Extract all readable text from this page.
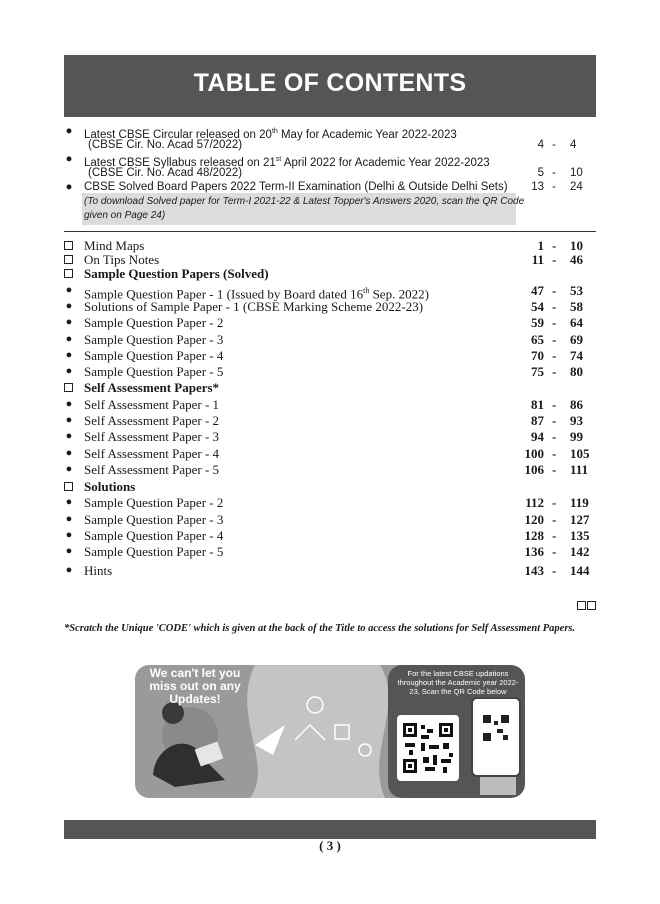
TABLE OF CONTENTS
● Latest CBSE Circular released on 20th May for Academic Year 2022-2023
(CBSE Cir. No. Acad 57/2022)	4 - 4
● Latest CBSE Syllabus released on 21st April 2022 for Academic Year 2022-2023
(CBSE Cir. No. Acad 48/2022)	5 - 10
● CBSE Solved Board Papers 2022 Term-II Examination (Delhi & Outside Delhi Sets) 13 - 24
(To download Solved paper for Term-I 2021-22 & Latest Topper's Answers 2020, scan the QR Code
given on Page 24)
Mind Maps	1 - 10
On Tips Notes	11 - 46
Sample Question Papers (Solved)
● Sample Question Paper - 1 (Issued by Board dated 16th Sep. 2022)	47 - 53
● Solutions of Sample Paper - 1 (CBSE Marking Scheme 2022-23)	54 - 58
● Sample Question Paper - 2	59 - 64
● Sample Question Paper - 3	65 - 69
● Sample Question Paper - 4	70 - 74
● Sample Question Paper - 5	75 - 80
Self Assessment Papers*
● Self Assessment Paper - 1	81 - 86
● Self Assessment Paper - 2	87 - 93
● Self Assessment Paper - 3	94 - 99
● Self Assessment Paper - 4	100 - 105
● Self Assessment Paper - 5	106 - 111
Solutions
● Sample Question Paper - 2	112 - 119
● Sample Question Paper - 3	120 - 127
● Sample Question Paper - 4	128 - 135
● Sample Question Paper - 5	136 - 142
● Hints	143 - 144
*Scratch the Unique 'CODE' which is given at the back of the Title to access the solutions for Self Assessment Papers.
We can't let you miss out on any Updates!
For the latest CBSE updations throughout the Academic year 2022-23, Scan the QR Code below
( 3 )
